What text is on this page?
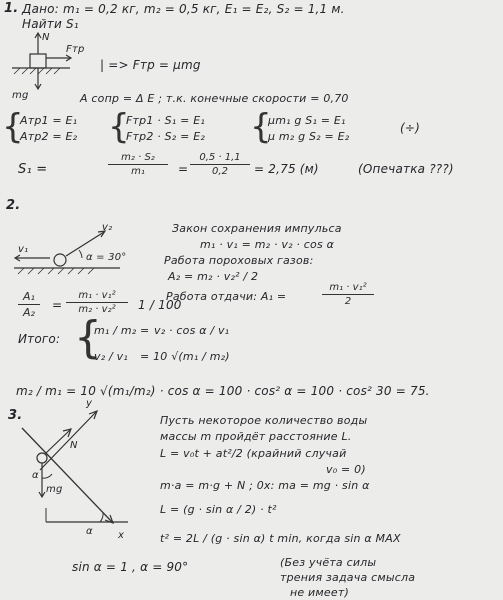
1. Дано: m₁ = 0,2 кг, m₂ = 0,5 кг, E₁ = E₂, S₂ = 1,1 м.
Найти S₁
N
Fтр
mg
| => Fтр = μmg
A сопр = Δ E ; т.к. конечные скорости = 0,70
{
Aтр1 = E₁
Aтр2 = E₂ {
Fтр1 · S₁ = E₁
Fтр2 · S₂ = E₂ {
μm₁ g S₁ = E₁
μ m₂ g S₂ = E₂
(÷)
S₁ =
m₂ · S₂
m₁	=
0,5 · 1,1
0,2	= 2,75 (м)	(Опечатка ???)
2.
Закон сохранения импульса
m₁ · v₁ = m₂ · v₂ · cos α
Работа пороховых газов:
A₂ = m₂ · v₂² / 2
Работа отдачи: A₁ =
m₁ · v₁²
2
v₁
v₂
α = 30°
A₁
A₂
=
m₁ · v₁²
m₂ · v₂²	1 / 100
Итого: {
m₁ / m₂ = v₂ · cos α / v₁
v₂ / v₁ = 10 √(m₁ / m₂)
m₂ / m₁ = 10 √(m₁/m₂) · cos α = 100 · cos² α = 100 · cos² 30 = 75.
3.
y
x
N
mg
α
α
Пусть некоторое количество воды
массы m пройдёт расстояние L.
L = v₀t + at²/2 (крайний случай
v₀ = 0)
m·a = m·g + N ; 0x: ma = mg · sin α
L = (g · sin α / 2) · t²
t² = 2L / (g · sin α) t min, когда sin α MAX
sin α = 1 , α = 90°	(Без учёта силы
трения задача смысла
не имеет)
